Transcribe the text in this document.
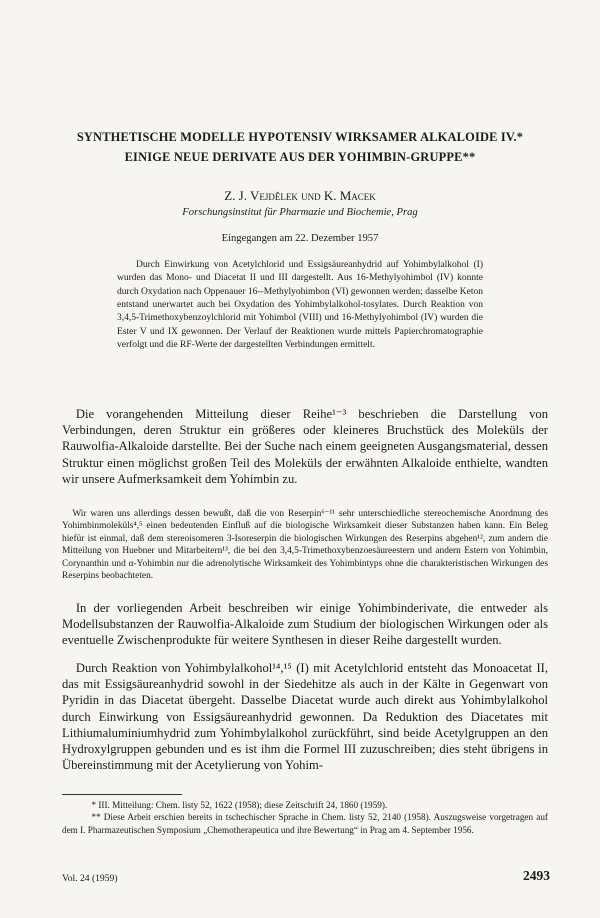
SYNTHETISCHE MODELLE HYPOTENSIV WIRKSAMER ALKALOIDE IV.*
EINIGE NEUE DERIVATE AUS DER YOHIMBIN-GRUPPE**
Z. J. Vejdělek und K. Macek
Forschungsinstitut für Pharmazie und Biochemie, Prag
Eingegangen am 22. Dezember 1957
Durch Einwirkung von Acetylchlorid und Essigsäureanhydrid auf Yohimbylalkohol (I) wurden das Mono- und Diacetat II und III dargestellt. Aus 16-Methylyohimbol (IV) konnte durch Oxydation nach Oppenauer 16--Methylyohimbon (VI) gewonnen werden; dasselbe Keton entstand unerwartet auch bei Oxydation des Yohimbylalkohol-tosylates. Durch Reaktion von 3,4,5-Trimethoxybenzoylchlorid mit Yohimbol (VIII) und 16-Methylyohimbol (IV) wurden die Ester V und IX gewonnen. Der Verlauf der Reaktionen wurde mittels Papierchromatographie verfolgt und die RF-Werte der dargestellten Verbindungen ermittelt.
Die vorangehenden Mitteilung dieser Reihe¹⁻³ beschrieben die Darstellung von Verbindungen, deren Struktur ein größeres oder kleineres Bruchstück des Moleküls der Rauwolfia-Alkaloide darstellte. Bei der Suche nach einem geeigneten Ausgangsmaterial, dessen Struktur einen möglichst großen Teil des Moleküls der erwähnten Alkaloide enthielte, wandten wir unsere Aufmerksamkeit dem Yohimbin zu.
Wir waren uns allerdings dessen bewußt, daß die von Reserpin⁶⁻¹¹ sehr unterschiedliche stereochemische Anordnung des Yohimbinmoleküls⁴,⁵ einen bedeutenden Einfluß auf die biologische Wirksamkeit dieser Substanzen haben kann. Ein Beleg hiefür ist einmal, daß dem stereoisomeren 3-Isoreserpin die biologischen Wirkungen des Reserpins abgehen¹², zum andern die Mitteilung von Huebner und Mitarbeitern¹³, die bei den 3,4,5-Trimethoxybenzoesäureestern und andern Estern von Yohimbin, Corynanthin und α-Yohimbin nur die adrenolytische Wirksamkeit des Yohimbintyps ohne die charakteristischen Wirkungen des Reserpins beobachteten.
In der vorliegenden Arbeit beschreiben wir einige Yohimbinderivate, die entweder als Modellsubstanzen der Rauwolfia-Alkaloide zum Studium der biologischen Wirkungen oder als eventuelle Zwischenprodukte für weitere Synthesen in dieser Reihe dargestellt wurden.
Durch Reaktion von Yohimbylalkohol¹⁴,¹⁵ (I) mit Acetylchlorid entsteht das Monoacetat II, das mit Essigsäureanhydrid sowohl in der Siedehitze als auch in der Kälte in Gegenwart von Pyridin in das Diacetat übergeht. Dasselbe Diacetat wurde auch direkt aus Yohimbylalkohol durch Einwirkung von Essigsäureanhydrid gewonnen. Da Reduktion des Diacetates mit Lithiumaluminiumhydrid zum Yohimbylalkohol zurückführt, sind beide Acetylgruppen an den Hydroxylgruppen gebunden und es ist ihm die Formel III zuzuschreiben; dies steht übrigens in Übereinstimmung mit der Acetylierung von Yohim-

* III. Mitteilung: Chem. listy 52, 1622 (1958); diese Zeitschrift 24, 1860 (1959).

** Diese Arbeit erschien bereits in tschechischer Sprache in Chem. listy 52, 2140 (1958). Auszugsweise vorgetragen auf dem I. Pharmazeutischen Symposium „Chemotherapeutica und ihre Bewertung“ in Prag am 4. September 1956.

Vol. 24 (1959)	2493
